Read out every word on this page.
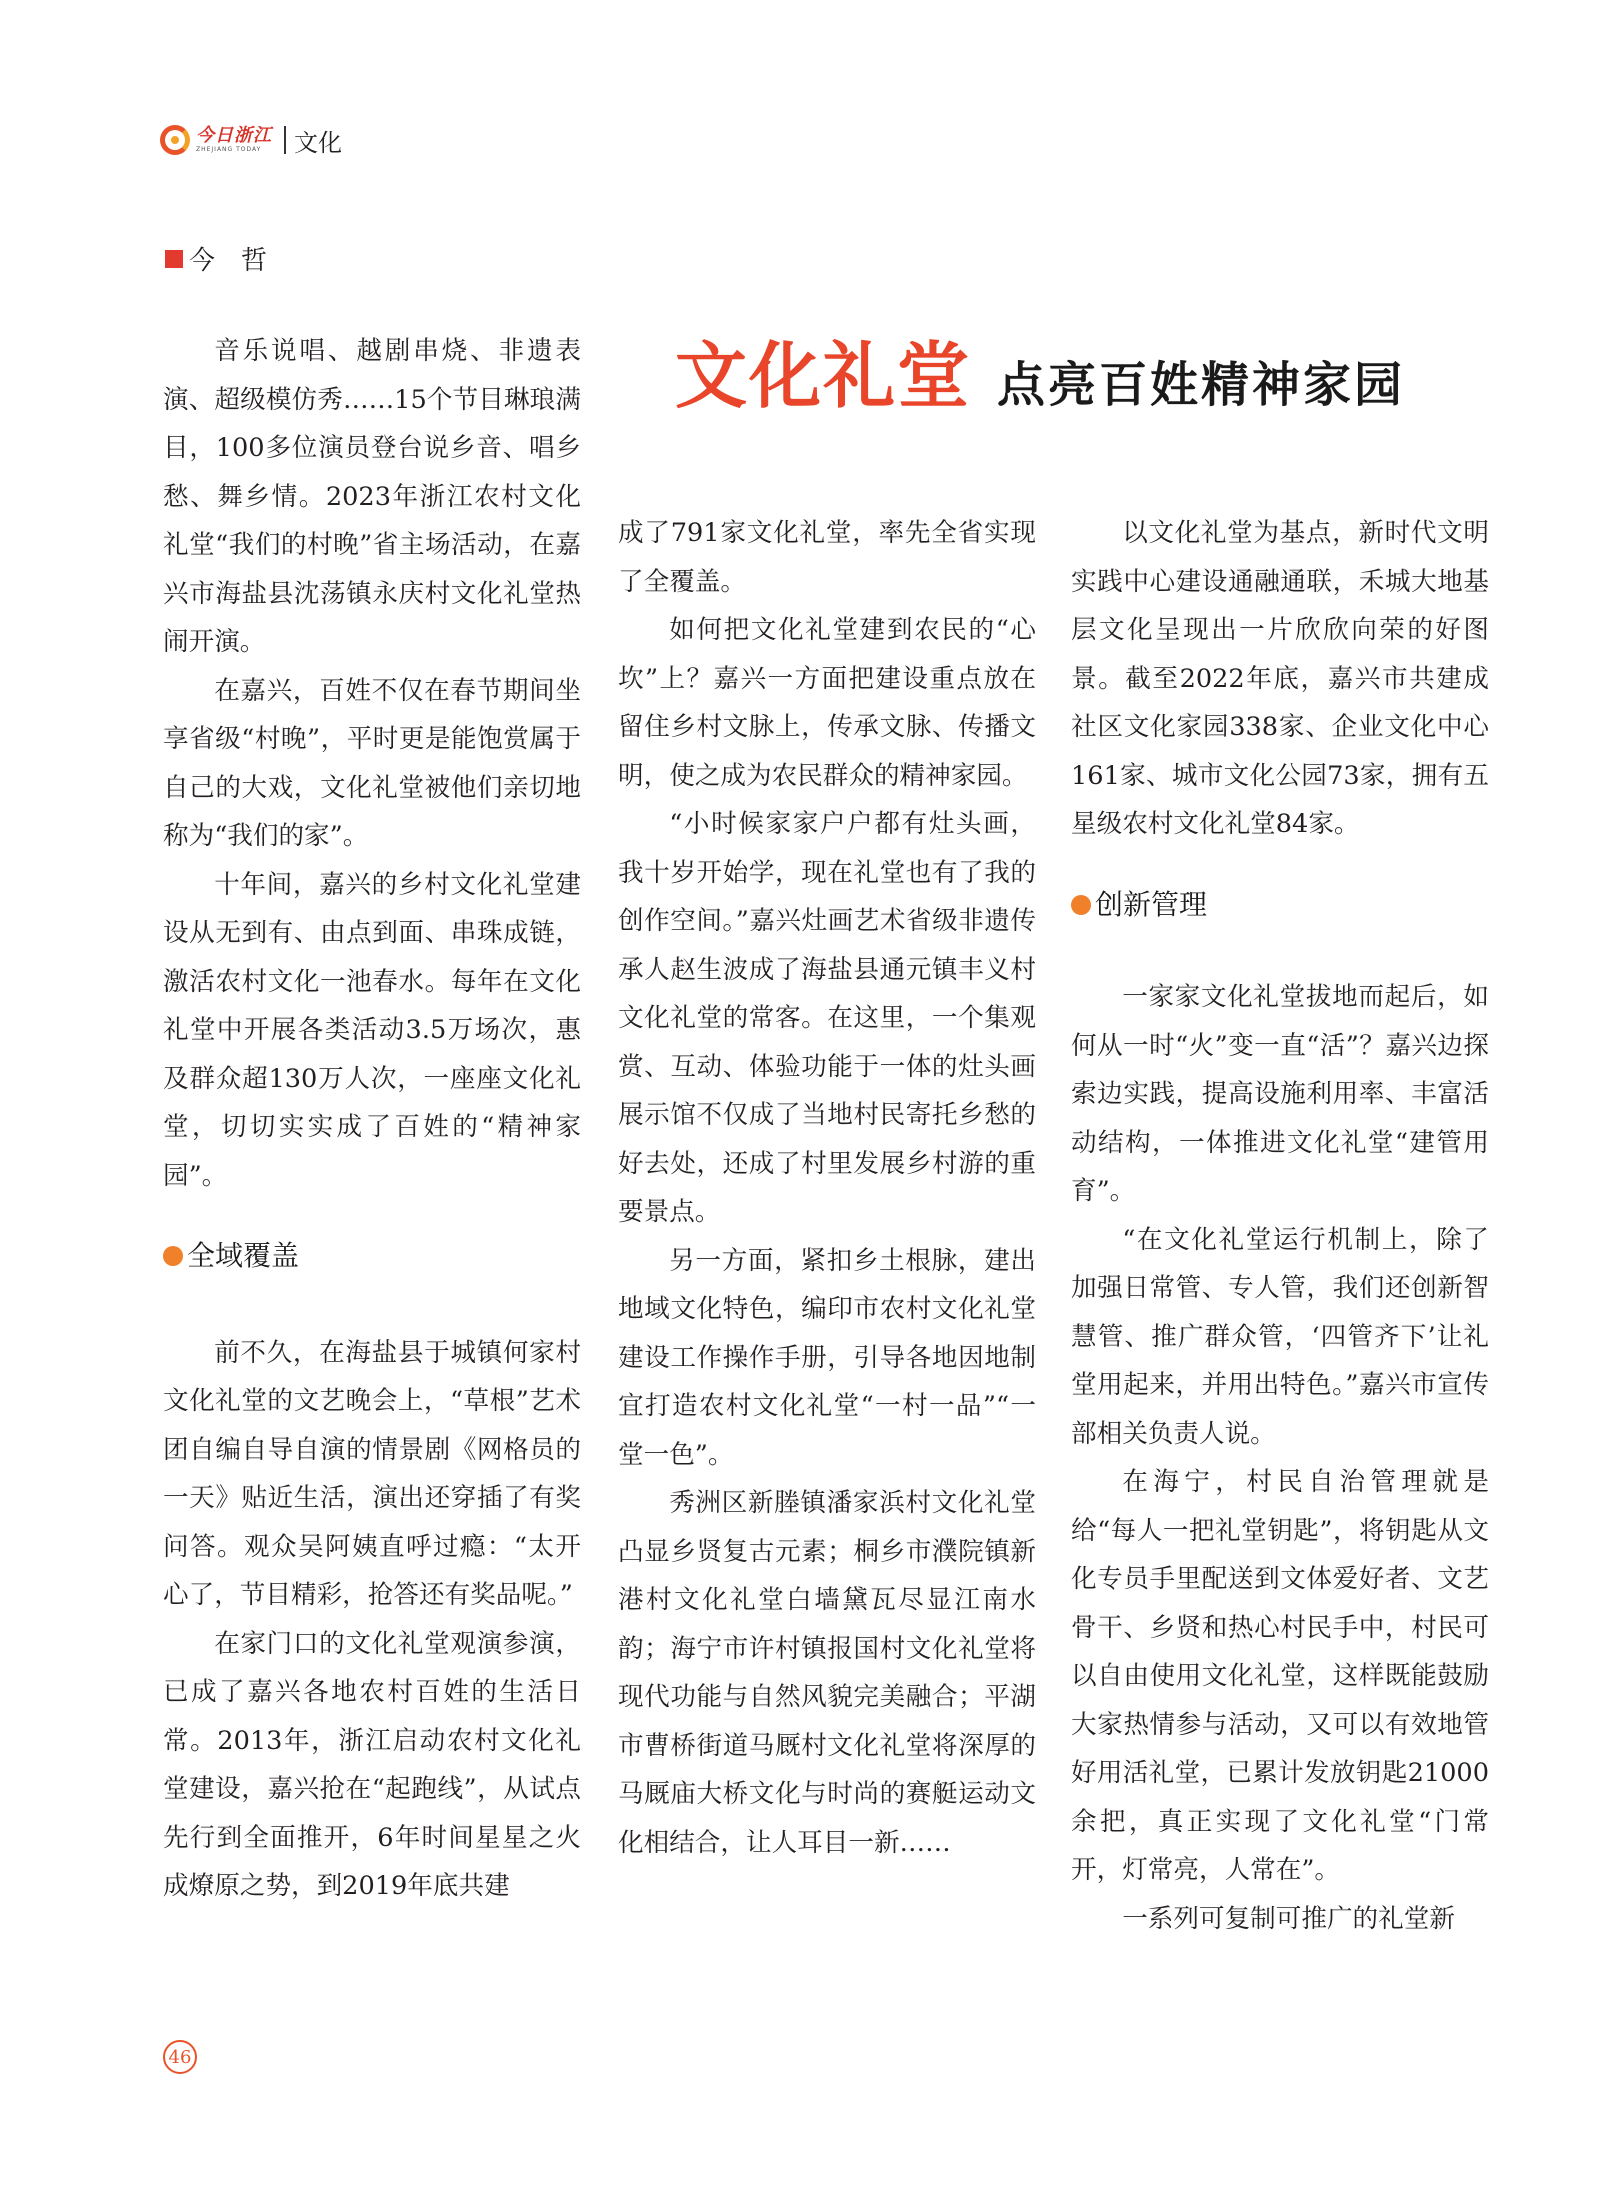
今日浙江
ZHEJIANG TODAY	文化
今　哲
文化礼堂 点亮百姓精神家园

音乐说唱、越剧串烧、非遗表演、超级模仿秀……15个节目琳琅满目，100多位演员登台说乡音、唱乡愁、舞乡情。2023年浙江农村文化礼堂“我们的村晚”省主场活动，在嘉兴市海盐县沈荡镇永庆村文化礼堂热闹开演。

在嘉兴，百姓不仅在春节期间坐享省级“村晚”，平时更是能饱赏属于自己的大戏，文化礼堂被他们亲切地称为“我们的家”。

十年间，嘉兴的乡村文化礼堂建设从无到有、由点到面、串珠成链，激活农村文化一池春水。每年在文化礼堂中开展各类活动3.5万场次，惠及群众超130万人次，一座座文化礼堂，切切实实成了百姓的“精神家园”。

全域覆盖

前不久，在海盐县于城镇何家村文化礼堂的文艺晚会上，“草根”艺术团自编自导自演的情景剧《网格员的一天》贴近生活，演出还穿插了有奖问答。观众吴阿姨直呼过瘾：“太开心了，节目精彩，抢答还有奖品呢。”

在家门口的文化礼堂观演参演，已成了嘉兴各地农村百姓的生活日常。2013年，浙江启动农村文化礼堂建设，嘉兴抢在“起跑线”，从试点先行到全面推开，6年时间星星之火成燎原之势，到2019年底共建

成了791家文化礼堂，率先全省实现了全覆盖。

如何把文化礼堂建到农民的“心坎”上？嘉兴一方面把建设重点放在留住乡村文脉上，传承文脉、传播文明，使之成为农民群众的精神家园。

“小时候家家户户都有灶头画，我十岁开始学，现在礼堂也有了我的创作空间。”嘉兴灶画艺术省级非遗传承人赵生波成了海盐县通元镇丰义村文化礼堂的常客。在这里，一个集观赏、互动、体验功能于一体的灶头画展示馆不仅成了当地村民寄托乡愁的好去处，还成了村里发展乡村游的重要景点。

另一方面，紧扣乡土根脉，建出地域文化特色，编印市农村文化礼堂建设工作操作手册，引导各地因地制宜打造农村文化礼堂“一村一品”“一堂一色”。

秀洲区新塍镇潘家浜村文化礼堂凸显乡贤复古元素；桐乡市濮院镇新港村文化礼堂白墙黛瓦尽显江南水韵；海宁市许村镇报国村文化礼堂将现代功能与自然风貌完美融合；平湖市曹桥街道马厩村文化礼堂将深厚的马厩庙大桥文化与时尚的赛艇运动文化相结合，让人耳目一新……

以文化礼堂为基点，新时代文明实践中心建设通融通联，禾城大地基层文化呈现出一片欣欣向荣的好图景。截至2022年底，嘉兴市共建成社区文化家园338家、企业文化中心161家、城市文化公园73家，拥有五星级农村文化礼堂84家。

创新管理

一家家文化礼堂拔地而起后，如何从一时“火”变一直“活”？嘉兴边探索边实践，提高设施利用率、丰富活动结构，一体推进文化礼堂“建管用育”。

“在文化礼堂运行机制上，除了加强日常管、专人管，我们还创新智慧管、推广群众管，‘四管齐下’让礼堂用起来，并用出特色。”嘉兴市宣传部相关负责人说。

在海宁，村民自治管理就是给“每人一把礼堂钥匙”，将钥匙从文化专员手里配送到文体爱好者、文艺骨干、乡贤和热心村民手中，村民可以自由使用文化礼堂，这样既能鼓励大家热情参与活动，又可以有效地管好用活礼堂，已累计发放钥匙21000余把，真正实现了文化礼堂“门常开，灯常亮，人常在”。

一系列可复制可推广的礼堂新

46
